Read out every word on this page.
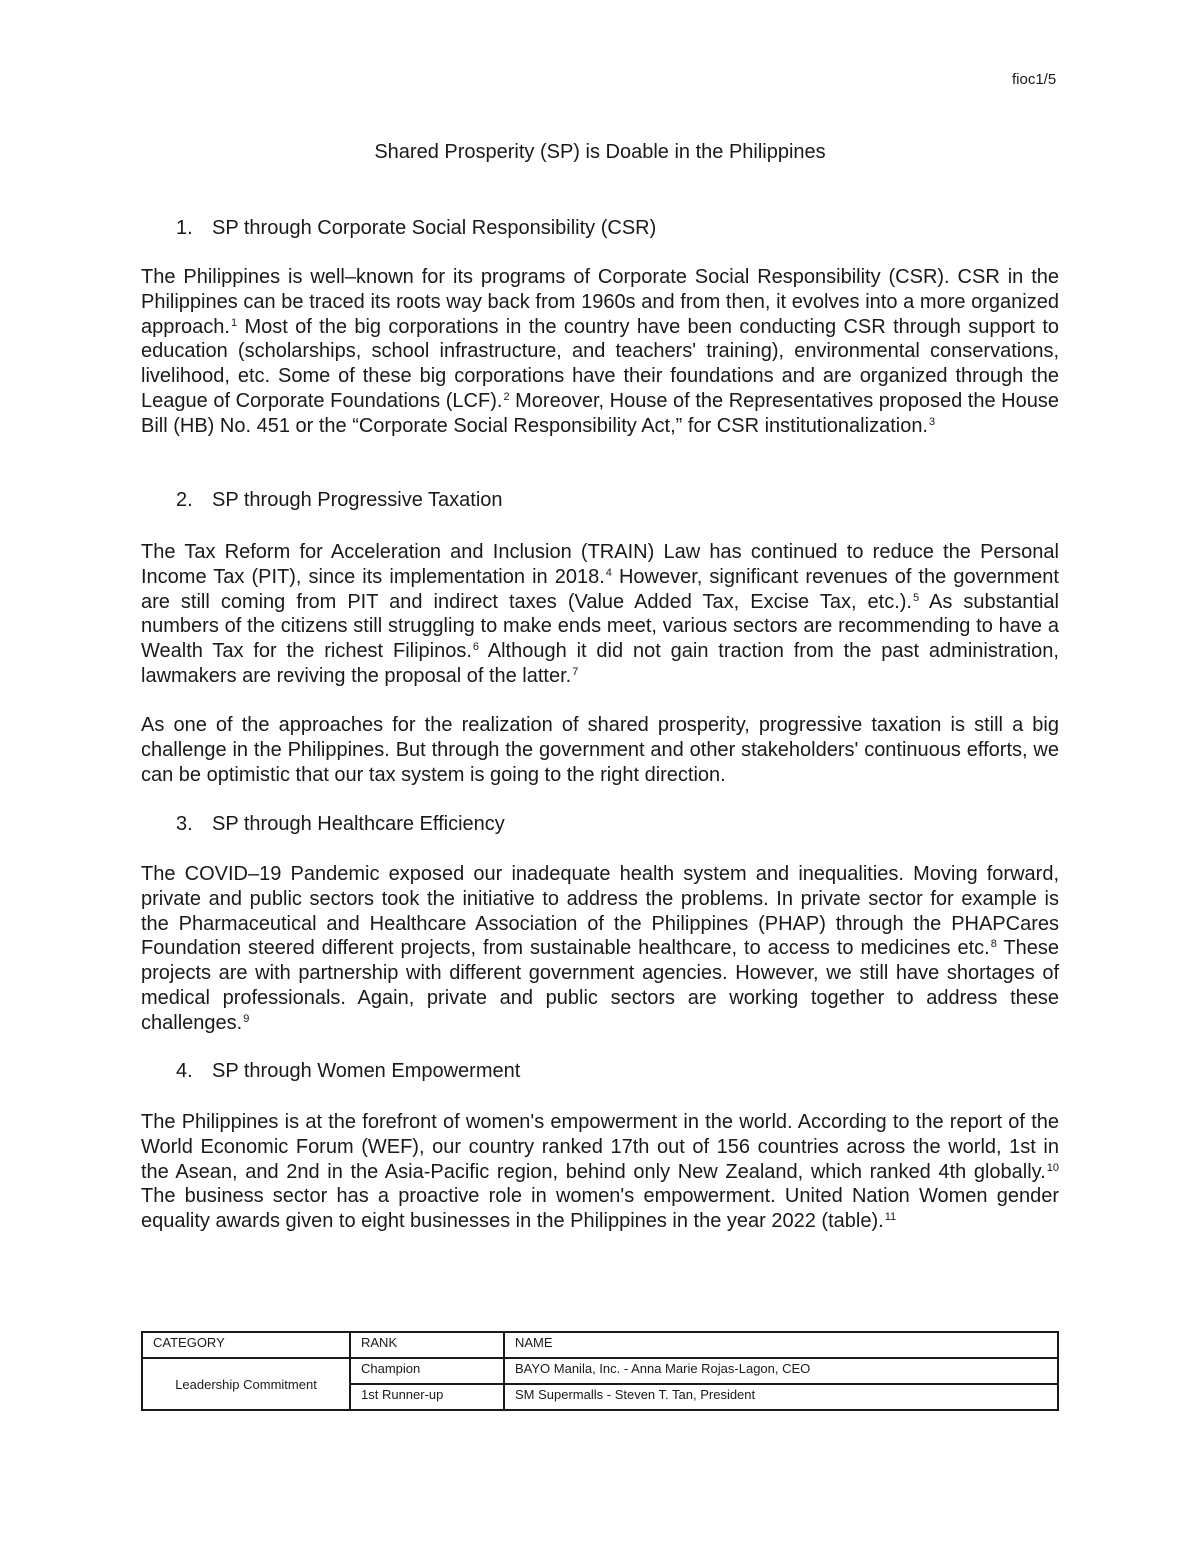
fioc1/5
Shared Prosperity (SP) is Doable in the Philippines
1. SP through Corporate Social Responsibility (CSR)

The Philippines is well–known for its programs of Corporate Social Responsibility (CSR). CSR in the Philippines can be traced its roots way back from 1960s and from then, it evolves into a more organized approach.$^1$ Most of the big corporations in the country have been conducting CSR through support to education (scholarships, school infrastructure, and teachers' training), environmental conservations, livelihood, etc. Some of these big corporations have their foundations and are organized through the League of Corporate Foundations (LCF).$^2$ Moreover, House of the Representatives proposed the House Bill (HB) No. 451 or the “Corporate Social Responsibility Act,” for CSR institutionalization.$^3$

2. SP through Progressive Taxation

The Tax Reform for Acceleration and Inclusion (TRAIN) Law has continued to reduce the Personal Income Tax (PIT), since its implementation in 2018.$^4$ However, significant revenues of the government are still coming from PIT and indirect taxes (Value Added Tax, Excise Tax, etc.).$^5$ As substantial numbers of the citizens still struggling to make ends meet, various sectors are recommending to have a Wealth Tax for the richest Filipinos.$^6$ Although it did not gain traction from the past administration, lawmakers are reviving the proposal of the latter.$^7$

As one of the approaches for the realization of shared prosperity, progressive taxation is still a big challenge in the Philippines. But through the government and other stakeholders' continuous efforts, we can be optimistic that our tax system is going to the right direction.

3. SP through Healthcare Efficiency

The COVID–19 Pandemic exposed our inadequate health system and inequalities. Moving forward, private and public sectors took the initiative to address the problems. In private sector for example is the Pharmaceutical and Healthcare Association of the Philippines (PHAP) through the PHAPCares Foundation steered different projects, from sustainable healthcare, to access to medicines etc.$^8$ These projects are with partnership with different government agencies. However, we still have shortages of medical professionals. Again, private and public sectors are working together to address these challenges.$^9$

4. SP through Women Empowerment

The Philippines is at the forefront of women's empowerment in the world. According to the report of the World Economic Forum (WEF), our country ranked 17th out of 156 countries across the world, 1st in the Asean, and 2nd in the Asia-Pacific region, behind only New Zealand, which ranked 4th globally.$^{10}$ The business sector has a proactive role in women's empowerment. United Nation Women gender equality awards given to eight businesses in the Philippines in the year 2022 (table).$^{11}$

CATEGORY	RANK	NAME
Leadership Commitment	Champion	BAYO Manila, Inc. - Anna Marie Rojas-Lagon, CEO
	1st Runner-up	SM Supermalls - Steven T. Tan, President
